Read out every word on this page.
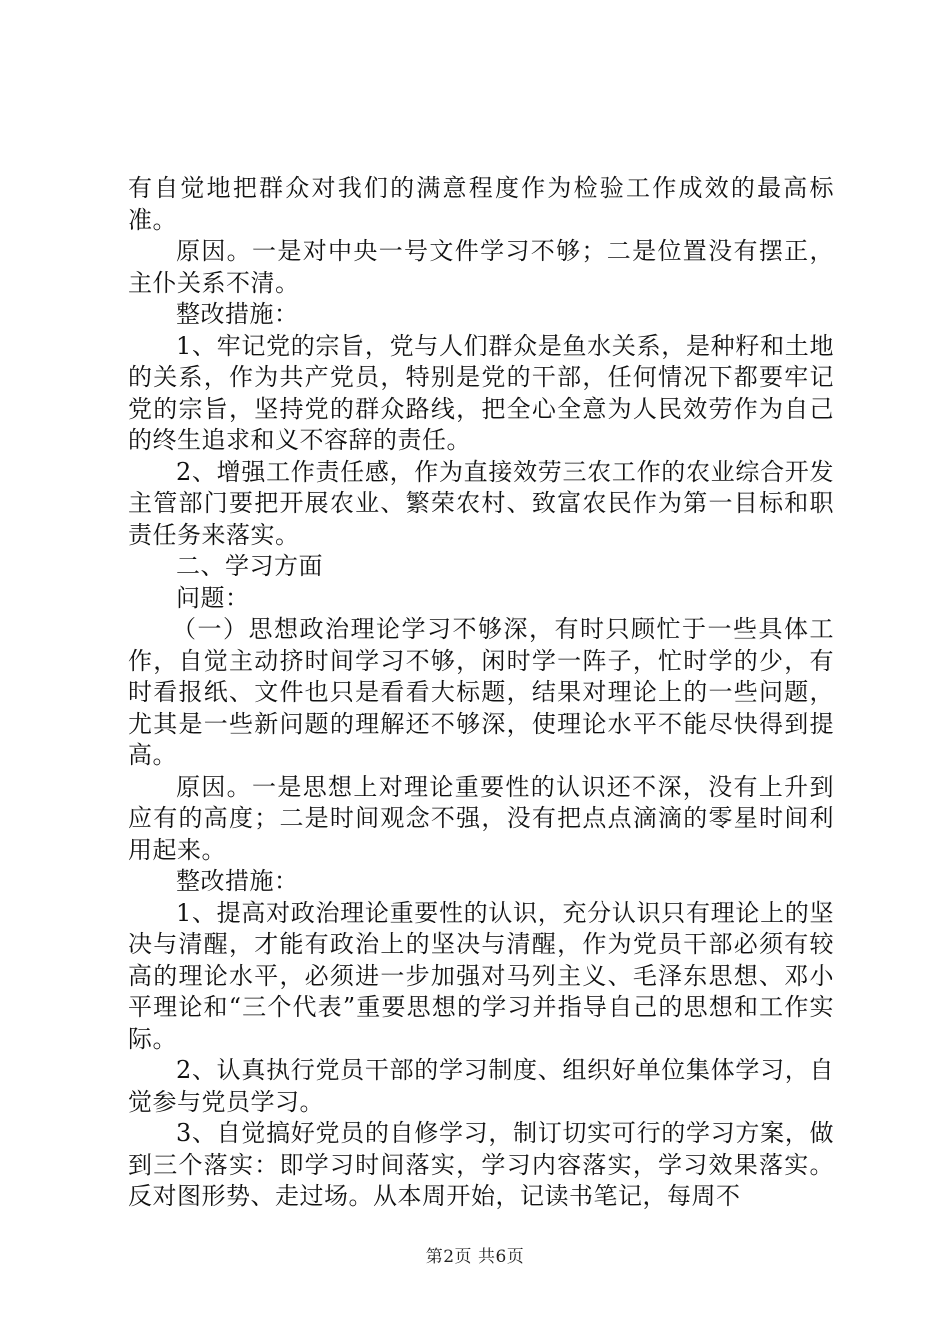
有自觉地把群众对我们的满意程度作为检验工作成效的最高标准。

原因。一是对中央一号文件学习不够；二是位置没有摆正，主仆关系不清。

整改措施：

1、牢记党的宗旨，党与人们群众是鱼水关系，是种籽和土地的关系，作为共产党员，特别是党的干部，任何情况下都要牢记党的宗旨，坚持党的群众路线，把全心全意为人民效劳作为自己的终生追求和义不容辞的责任。

2、增强工作责任感，作为直接效劳三农工作的农业综合开发主管部门要把开展农业、繁荣农村、致富农民作为第一目标和职责任务来落实。

二、学习方面

问题：

（一）思想政治理论学习不够深，有时只顾忙于一些具体工作，自觉主动挤时间学习不够，闲时学一阵子，忙时学的少，有时看报纸、文件也只是看看大标题，结果对理论上的一些问题，尤其是一些新问题的理解还不够深，使理论水平不能尽快得到提高。

原因。一是思想上对理论重要性的认识还不深，没有上升到应有的高度；二是时间观念不强，没有把点点滴滴的零星时间利用起来。

整改措施：

1、提高对政治理论重要性的认识，充分认识只有理论上的坚决与清醒，才能有政治上的坚决与清醒，作为党员干部必须有较高的理论水平，必须进一步加强对马列主义、毛泽东思想、邓小平理论和“三个代表”重要思想的学习并指导自己的思想和工作实际。

2、认真执行党员干部的学习制度、组织好单位集体学习，自觉参与党员学习。

3、自觉搞好党员的自修学习，制订切实可行的学习方案，做到三个落实：即学习时间落实，学习内容落实，学习效果落实。反对图形势、走过场。从本周开始，记读书笔记，每周不

第2页 共6页
